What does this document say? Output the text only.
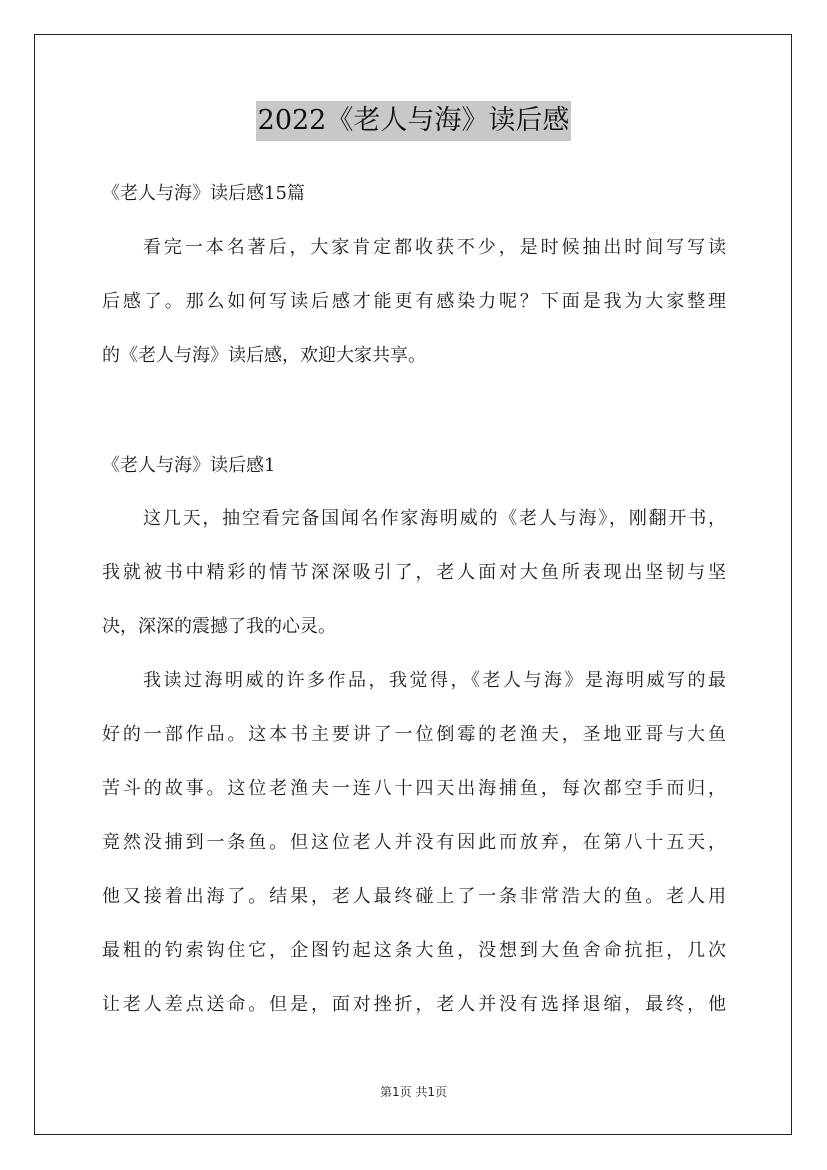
2022《老人与海》读后感
《老人与海》读后感15篇
看完一本名著后，大家肯定都收获不少，是时候抽出时间写写读
后感了。那么如何写读后感才能更有感染力呢？下面是我为大家整理
的《老人与海》读后感，欢迎大家共享。
《老人与海》读后感1
这几天，抽空看完备国闻名作家海明威的《老人与海》，刚翻开书，
我就被书中精彩的情节深深吸引了，老人面对大鱼所表现出坚韧与坚
决，深深的震撼了我的心灵。
我读过海明威的许多作品，我觉得，《老人与海》是海明威写的最
好的一部作品。这本书主要讲了一位倒霉的老渔夫，圣地亚哥与大鱼
苦斗的故事。这位老渔夫一连八十四天出海捕鱼，每次都空手而归，
竟然没捕到一条鱼。但这位老人并没有因此而放弃，在第八十五天，
他又接着出海了。结果，老人最终碰上了一条非常浩大的鱼。老人用
最粗的钓索钩住它，企图钓起这条大鱼，没想到大鱼舍命抗拒，几次
让老人差点送命。但是，面对挫折，老人并没有选择退缩，最终，他
第1页 共1页
